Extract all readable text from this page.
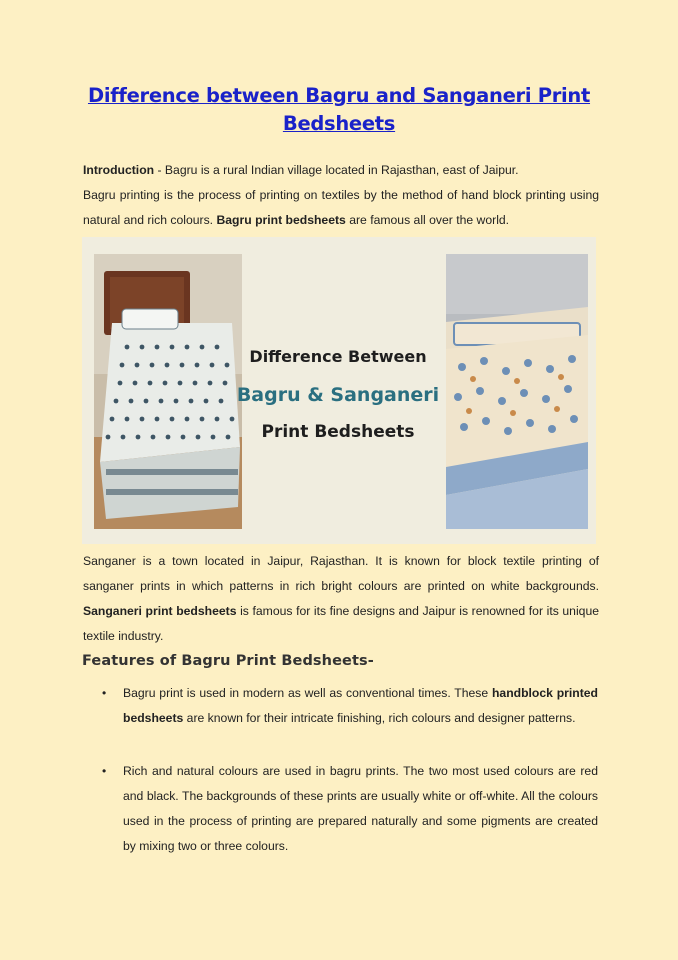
Difference between Bagru and Sanganeri Print Bedsheets
Introduction - Bagru is a rural Indian village located in Rajasthan, east of Jaipur.
Bagru printing is the process of printing on textiles by the method of hand block printing using natural and rich colours. Bagru print bedsheets are famous all over the world.
Difference Between
Bagru & Sanganeri
Print Bedsheets
Sanganer is a town located in Jaipur, Rajasthan. It is known for block textile printing of sanganer prints in which patterns in rich bright colours are printed on white backgrounds. Sanganeri print bedsheets is famous for its fine designs and Jaipur is renowned for its unique textile industry.
Features of Bagru Print Bedsheets-
• Bagru print is used in modern as well as conventional times. These handblock printed bedsheets are known for their intricate finishing, rich colours and designer patterns.
• Rich and natural colours are used in bagru prints. The two most used colours are red and black. The backgrounds of these prints are usually white or off-white. All the colours used in the process of printing are prepared naturally and some pigments are created by mixing two or three colours.
